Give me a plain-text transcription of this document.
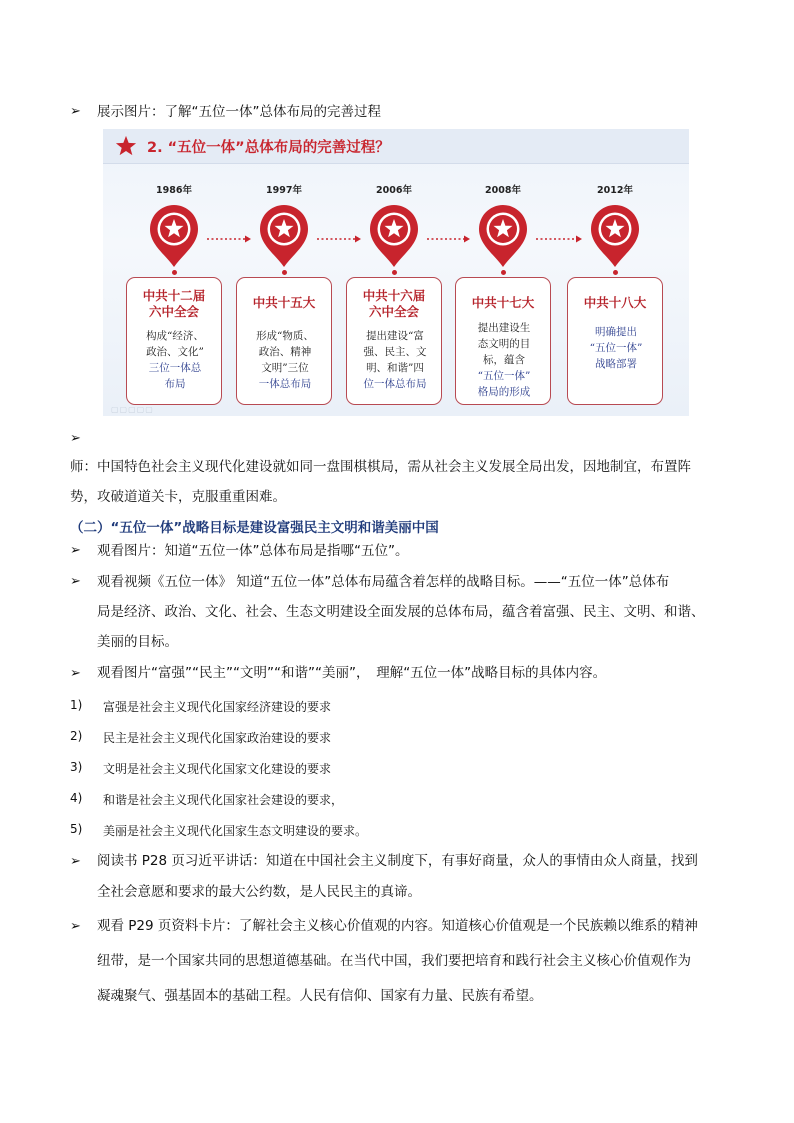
➢ 展示图片：了解“五位一体”总体布局的完善过程
2. “五位一体”总体布局的完善过程？
1986年
中共十二届
六中全会
构成“经济、
政治、文化”
三位一体总
布局
1997年
中共十五大
形成“物质、
政治、精神
文明”三位
一体总布局
2006年
中共十六届
六中全会
提出建设“富
强、民主、文
明、和谐”四
位一体总布局
2008年
中共十七大
提出建设生
态文明的目
标，蕴含
“五位一体”
格局的形成
2012年
中共十八大
明确提出
“五位一体”
战略部署
▢▢▢▢▢
➢
师：中国特色社会主义现代化建设就如同一盘围棋棋局，需从社会主义发展全局出发，因地制宜，布置阵
势，攻破道道关卡，克服重重困难。
（二）“五位一体”战略目标是建设富强民主文明和谐美丽中国
➢ 观看图片：知道“五位一体”总体布局是指哪“五位”。
➢ 观看视频《五位一体》 知道“五位一体”总体布局蕴含着怎样的战略目标。——“五位一体”总体布
局是经济、政治、文化、社会、生态文明建设全面发展的总体布局，蕴含着富强、民主、文明、和谐、
美丽的目标。
➢ 观看图片“富强”“民主”“文明”“和谐”“美丽”，　理解“五位一体”战略目标的具体内容。
1) 富强是社会主义现代化国家经济建设的要求
2) 民主是社会主义现代化国家政治建设的要求
3) 文明是社会主义现代化国家文化建设的要求
4) 和谐是社会主义现代化国家社会建设的要求，
5) 美丽是社会主义现代化国家生态文明建设的要求。
➢ 阅读书 P28 页习近平讲话：知道在中国社会主义制度下，有事好商量，众人的事情由众人商量，找到
全社会意愿和要求的最大公约数，是人民民主的真谛。
➢ 观看 P29 页资料卡片：了解社会主义核心价值观的内容。知道核心价值观是一个民族赖以维系的精神
纽带，是一个国家共同的思想道德基础。在当代中国，我们要把培育和践行社会主义核心价值观作为
凝魂聚气、强基固本的基础工程。人民有信仰、国家有力量、民族有希望。
